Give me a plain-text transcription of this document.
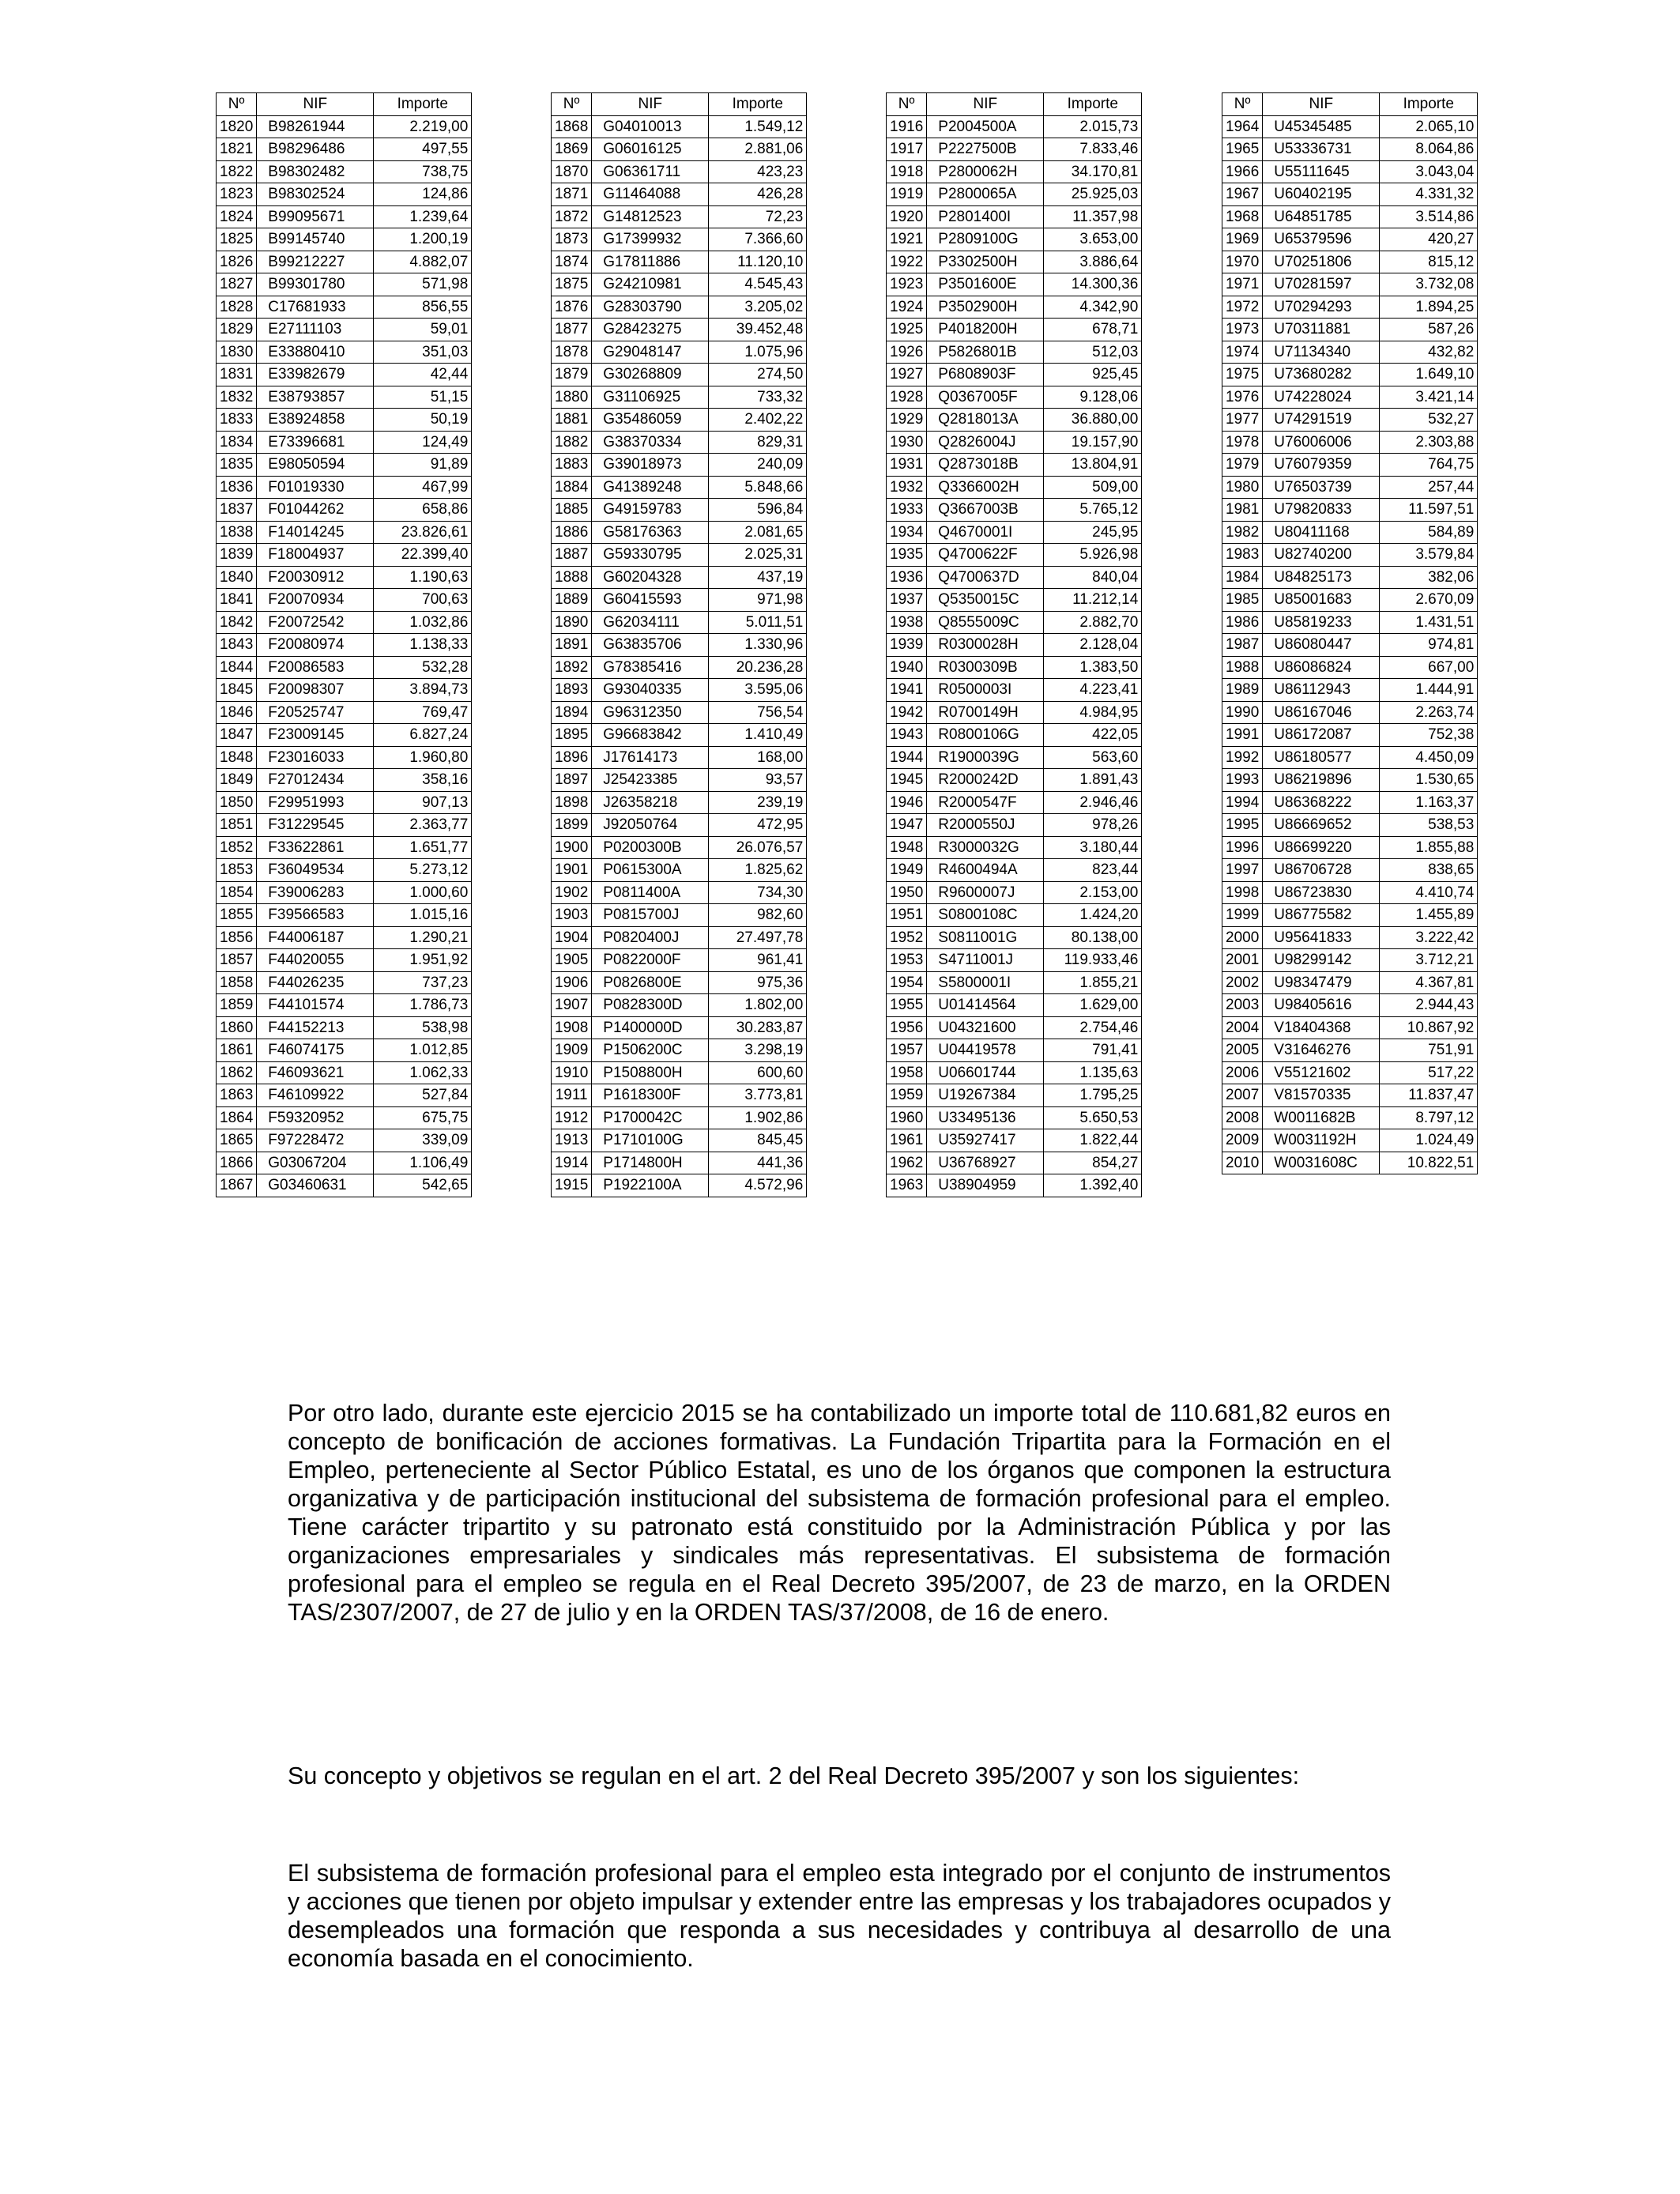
Nº	NIF	Importe
1820	B98261944	2.219,00
1821	B98296486	497,55
1822	B98302482	738,75
1823	B98302524	124,86
1824	B99095671	1.239,64
1825	B99145740	1.200,19
1826	B99212227	4.882,07
1827	B99301780	571,98
1828	C17681933	856,55
1829	E27111103	59,01
1830	E33880410	351,03
1831	E33982679	42,44
1832	E38793857	51,15
1833	E38924858	50,19
1834	E73396681	124,49
1835	E98050594	91,89
1836	F01019330	467,99
1837	F01044262	658,86
1838	F14014245	23.826,61
1839	F18004937	22.399,40
1840	F20030912	1.190,63
1841	F20070934	700,63
1842	F20072542	1.032,86
1843	F20080974	1.138,33
1844	F20086583	532,28
1845	F20098307	3.894,73
1846	F20525747	769,47
1847	F23009145	6.827,24
1848	F23016033	1.960,80
1849	F27012434	358,16
1850	F29951993	907,13
1851	F31229545	2.363,77
1852	F33622861	1.651,77
1853	F36049534	5.273,12
1854	F39006283	1.000,60
1855	F39566583	1.015,16
1856	F44006187	1.290,21
1857	F44020055	1.951,92
1858	F44026235	737,23
1859	F44101574	1.786,73
1860	F44152213	538,98
1861	F46074175	1.012,85
1862	F46093621	1.062,33
1863	F46109922	527,84
1864	F59320952	675,75
1865	F97228472	339,09
1866	G03067204	1.106,49
1867	G03460631	542,65
Nº	NIF	Importe
1868	G04010013	1.549,12
1869	G06016125	2.881,06
1870	G06361711	423,23
1871	G11464088	426,28
1872	G14812523	72,23
1873	G17399932	7.366,60
1874	G17811886	11.120,10
1875	G24210981	4.545,43
1876	G28303790	3.205,02
1877	G28423275	39.452,48
1878	G29048147	1.075,96
1879	G30268809	274,50
1880	G31106925	733,32
1881	G35486059	2.402,22
1882	G38370334	829,31
1883	G39018973	240,09
1884	G41389248	5.848,66
1885	G49159783	596,84
1886	G58176363	2.081,65
1887	G59330795	2.025,31
1888	G60204328	437,19
1889	G60415593	971,98
1890	G62034111	5.011,51
1891	G63835706	1.330,96
1892	G78385416	20.236,28
1893	G93040335	3.595,06
1894	G96312350	756,54
1895	G96683842	1.410,49
1896	J17614173	168,00
1897	J25423385	93,57
1898	J26358218	239,19
1899	J92050764	472,95
1900	P0200300B	26.076,57
1901	P0615300A	1.825,62
1902	P0811400A	734,30
1903	P0815700J	982,60
1904	P0820400J	27.497,78
1905	P0822000F	961,41
1906	P0826800E	975,36
1907	P0828300D	1.802,00
1908	P1400000D	30.283,87
1909	P1506200C	3.298,19
1910	P1508800H	600,60
1911	P1618300F	3.773,81
1912	P1700042C	1.902,86
1913	P1710100G	845,45
1914	P1714800H	441,36
1915	P1922100A	4.572,96
Nº	NIF	Importe
1916	P2004500A	2.015,73
1917	P2227500B	7.833,46
1918	P2800062H	34.170,81
1919	P2800065A	25.925,03
1920	P2801400I	11.357,98
1921	P2809100G	3.653,00
1922	P3302500H	3.886,64
1923	P3501600E	14.300,36
1924	P3502900H	4.342,90
1925	P4018200H	678,71
1926	P5826801B	512,03
1927	P6808903F	925,45
1928	Q0367005F	9.128,06
1929	Q2818013A	36.880,00
1930	Q2826004J	19.157,90
1931	Q2873018B	13.804,91
1932	Q3366002H	509,00
1933	Q3667003B	5.765,12
1934	Q4670001I	245,95
1935	Q4700622F	5.926,98
1936	Q4700637D	840,04
1937	Q5350015C	11.212,14
1938	Q8555009C	2.882,70
1939	R0300028H	2.128,04
1940	R0300309B	1.383,50
1941	R0500003I	4.223,41
1942	R0700149H	4.984,95
1943	R0800106G	422,05
1944	R1900039G	563,60
1945	R2000242D	1.891,43
1946	R2000547F	2.946,46
1947	R2000550J	978,26
1948	R3000032G	3.180,44
1949	R4600494A	823,44
1950	R9600007J	2.153,00
1951	S0800108C	1.424,20
1952	S0811001G	80.138,00
1953	S4711001J	119.933,46
1954	S5800001I	1.855,21
1955	U01414564	1.629,00
1956	U04321600	2.754,46
1957	U04419578	791,41
1958	U06601744	1.135,63
1959	U19267384	1.795,25
1960	U33495136	5.650,53
1961	U35927417	1.822,44
1962	U36768927	854,27
1963	U38904959	1.392,40
Nº	NIF	Importe
1964	U45345485	2.065,10
1965	U53336731	8.064,86
1966	U55111645	3.043,04
1967	U60402195	4.331,32
1968	U64851785	3.514,86
1969	U65379596	420,27
1970	U70251806	815,12
1971	U70281597	3.732,08
1972	U70294293	1.894,25
1973	U70311881	587,26
1974	U71134340	432,82
1975	U73680282	1.649,10
1976	U74228024	3.421,14
1977	U74291519	532,27
1978	U76006006	2.303,88
1979	U76079359	764,75
1980	U76503739	257,44
1981	U79820833	11.597,51
1982	U80411168	584,89
1983	U82740200	3.579,84
1984	U84825173	382,06
1985	U85001683	2.670,09
1986	U85819233	1.431,51
1987	U86080447	974,81
1988	U86086824	667,00
1989	U86112943	1.444,91
1990	U86167046	2.263,74
1991	U86172087	752,38
1992	U86180577	4.450,09
1993	U86219896	1.530,65
1994	U86368222	1.163,37
1995	U86669652	538,53
1996	U86699220	1.855,88
1997	U86706728	838,65
1998	U86723830	4.410,74
1999	U86775582	1.455,89
2000	U95641833	3.222,42
2001	U98299142	3.712,21
2002	U98347479	4.367,81
2003	U98405616	2.944,43
2004	V18404368	10.867,92
2005	V31646276	751,91
2006	V55121602	517,22
2007	V81570335	11.837,47
2008	W0011682B	8.797,12
2009	W0031192H	1.024,49
2010	W0031608C	10.822,51

Por otro lado, durante este ejercicio 2015 se ha contabilizado un importe total de 110.681,82 euros en concepto de bonificación de acciones formativas. La Fundación Tripartita para la Formación en el Empleo, perteneciente al Sector Público Estatal, es uno de los órganos que componen la estructura organizativa y de participación institucional del subsistema de formación profesional para el empleo. Tiene carácter tripartito y su patronato está constituido por la Administración Pública y por las organizaciones empresariales y sindicales más representativas. El subsistema de formación profesional para el empleo se regula en el Real Decreto 395/2007, de 23 de marzo, en la ORDEN TAS/2307/2007, de 27 de julio y en la ORDEN TAS/37/2008, de 16 de enero.

Su concepto y objetivos se regulan en el art. 2 del Real Decreto 395/2007 y son los siguientes:

El subsistema de formación profesional para el empleo esta integrado por el conjunto de instrumentos y acciones que tienen por objeto impulsar y extender entre las empresas y los trabajadores ocupados y desempleados una formación que responda a sus necesidades y contribuya al desarrollo de una economía basada en el conocimiento.
